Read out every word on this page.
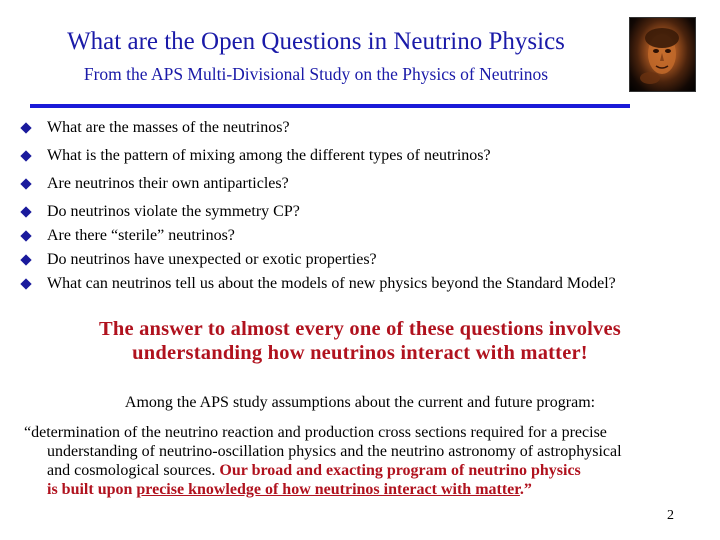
What are the Open Questions in Neutrino Physics
From the APS Multi-Divisional Study on the Physics of Neutrinos
What are the masses of the neutrinos?
What is the pattern of mixing among the different types of neutrinos?
Are neutrinos their own antiparticles?
Do neutrinos violate the symmetry CP?
Are there “sterile” neutrinos?
Do neutrinos have unexpected or exotic properties?
What can neutrinos tell us about the models of new physics beyond the Standard Model?
The answer to almost every one of these questions involves
understanding how neutrinos interact with matter!
Among the APS study assumptions about the current and future program:
“determination of the neutrino reaction and production cross sections required for a precise
understanding of neutrino-oscillation physics and the neutrino astronomy of astrophysical
and cosmological sources. Our broad and exacting program of neutrino physics
is built upon precise knowledge of how neutrinos interact with matter.”
2
